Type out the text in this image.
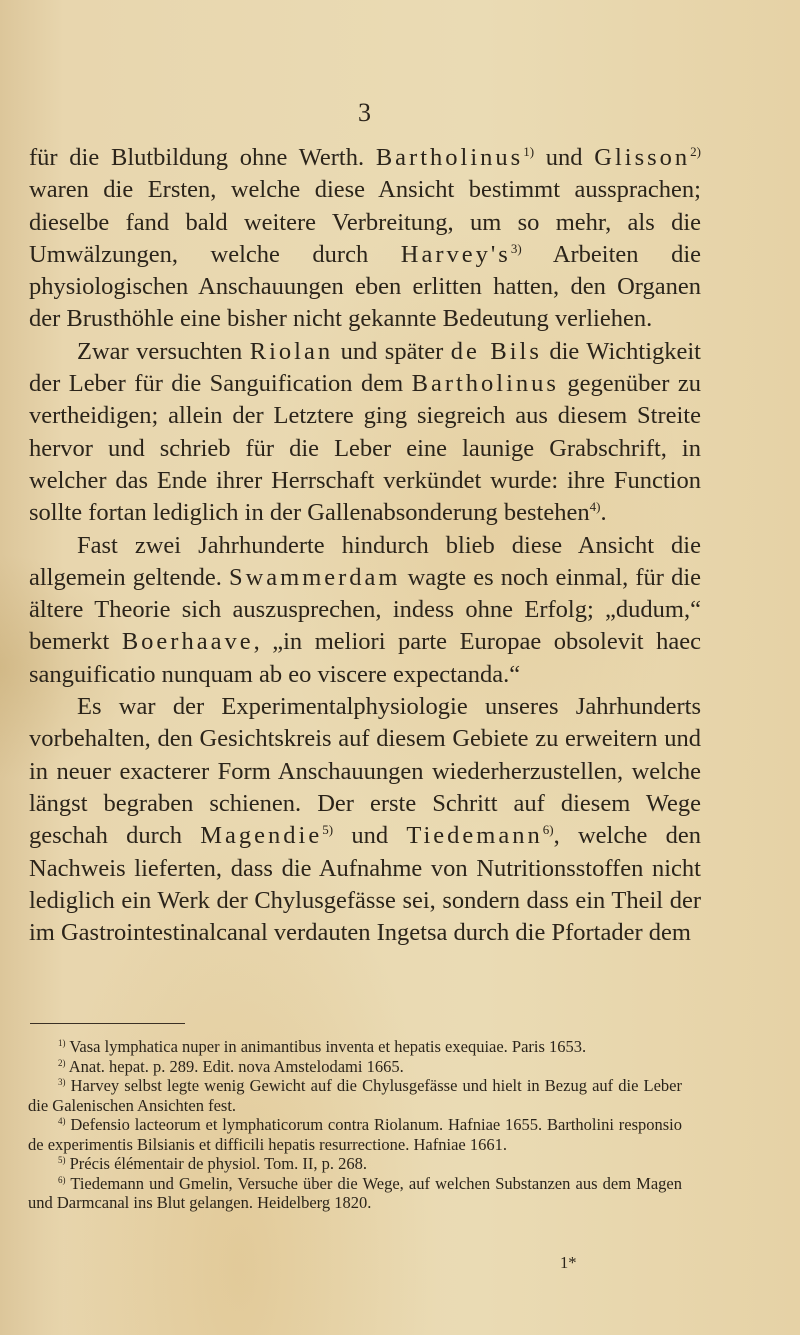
3

für die Blutbildung ohne Werth. Bartholinus$^{1)}$ und Glisson$^{2)}$ waren die Ersten, welche diese Ansicht bestimmt aussprachen; dieselbe fand bald weitere Verbreitung, um so mehr, als die Umwälzungen, welche durch $Harvey's^{3)}$ Arbeiten die physiologischen Anschauungen eben erlitten hatten, den Organen der Brusthöhle eine bisher nicht gekannte Bedeutung verliehen.

Zwar versuchten Riolan und später de Bils die Wichtigkeit der Leber für die Sanguification dem Bartholinus gegenüber zu vertheidigen; allein der Letztere ging siegreich aus diesem Streite hervor und schrieb für die Leber eine launige Grabschrift, in welcher das Ende ihrer Herrschaft verkündet wurde: ihre Function sollte fortan lediglich in der Gallenabsonderung bestehen$^{4)}$.

Fast zwei Jahrhunderte hindurch blieb diese Ansicht die allgemein geltende. Swammerdam wagte es noch einmal, für die ältere Theorie sich auszusprechen, indess ohne Erfolg; „dudum,“ bemerkt Boerhaave, „in meliori parte Europae obsolevit haec sanguificatio nunquam ab eo viscere expectanda.“

Es war der Experimentalphysiologie unseres Jahrhunderts vorbehalten, den Gesichtskreis auf diesem Gebiete zu erweitern und in neuer exacterer Form Anschauungen wiederherzustellen, welche längst begraben schienen. Der erste Schritt auf diesem Wege geschah durch Magendie$^{5)}$ und Tiedemann$^{6)}$, welche den Nachweis lieferten, dass die Aufnahme von Nutritionsstoffen nicht lediglich ein Werk der Chylusgefässe sei, sondern dass ein Theil der im Gastrointestinalcanal verdauten Ingetsa durch die Pfortader dem

$^{1)}$ Vasa lymphatica nuper in animantibus inventa et hepatis exequiae. Paris 1653.

$^{2)}$ Anat. hepat. p. 289. Edit. nova Amstelodami 1665.

$^{3)}$ Harvey selbst legte wenig Gewicht auf die Chylusgefässe und hielt in Bezug auf die Leber die Galenischen Ansichten fest.

$^{4)}$ Defensio lacteorum et lymphaticorum contra Riolanum. Hafniae 1655. Bartholini responsio de experimentis Bilsianis et difficili hepatis resurrectione. Hafniae 1661.

$^{5)}$ Précis élémentair de physiol. Tom. II, p. 268.

$^{6)}$ Tiedemann und Gmelin, Versuche über die Wege, auf welchen Substanzen aus dem Magen und Darmcanal ins Blut gelangen. Heidelberg 1820.

1*
